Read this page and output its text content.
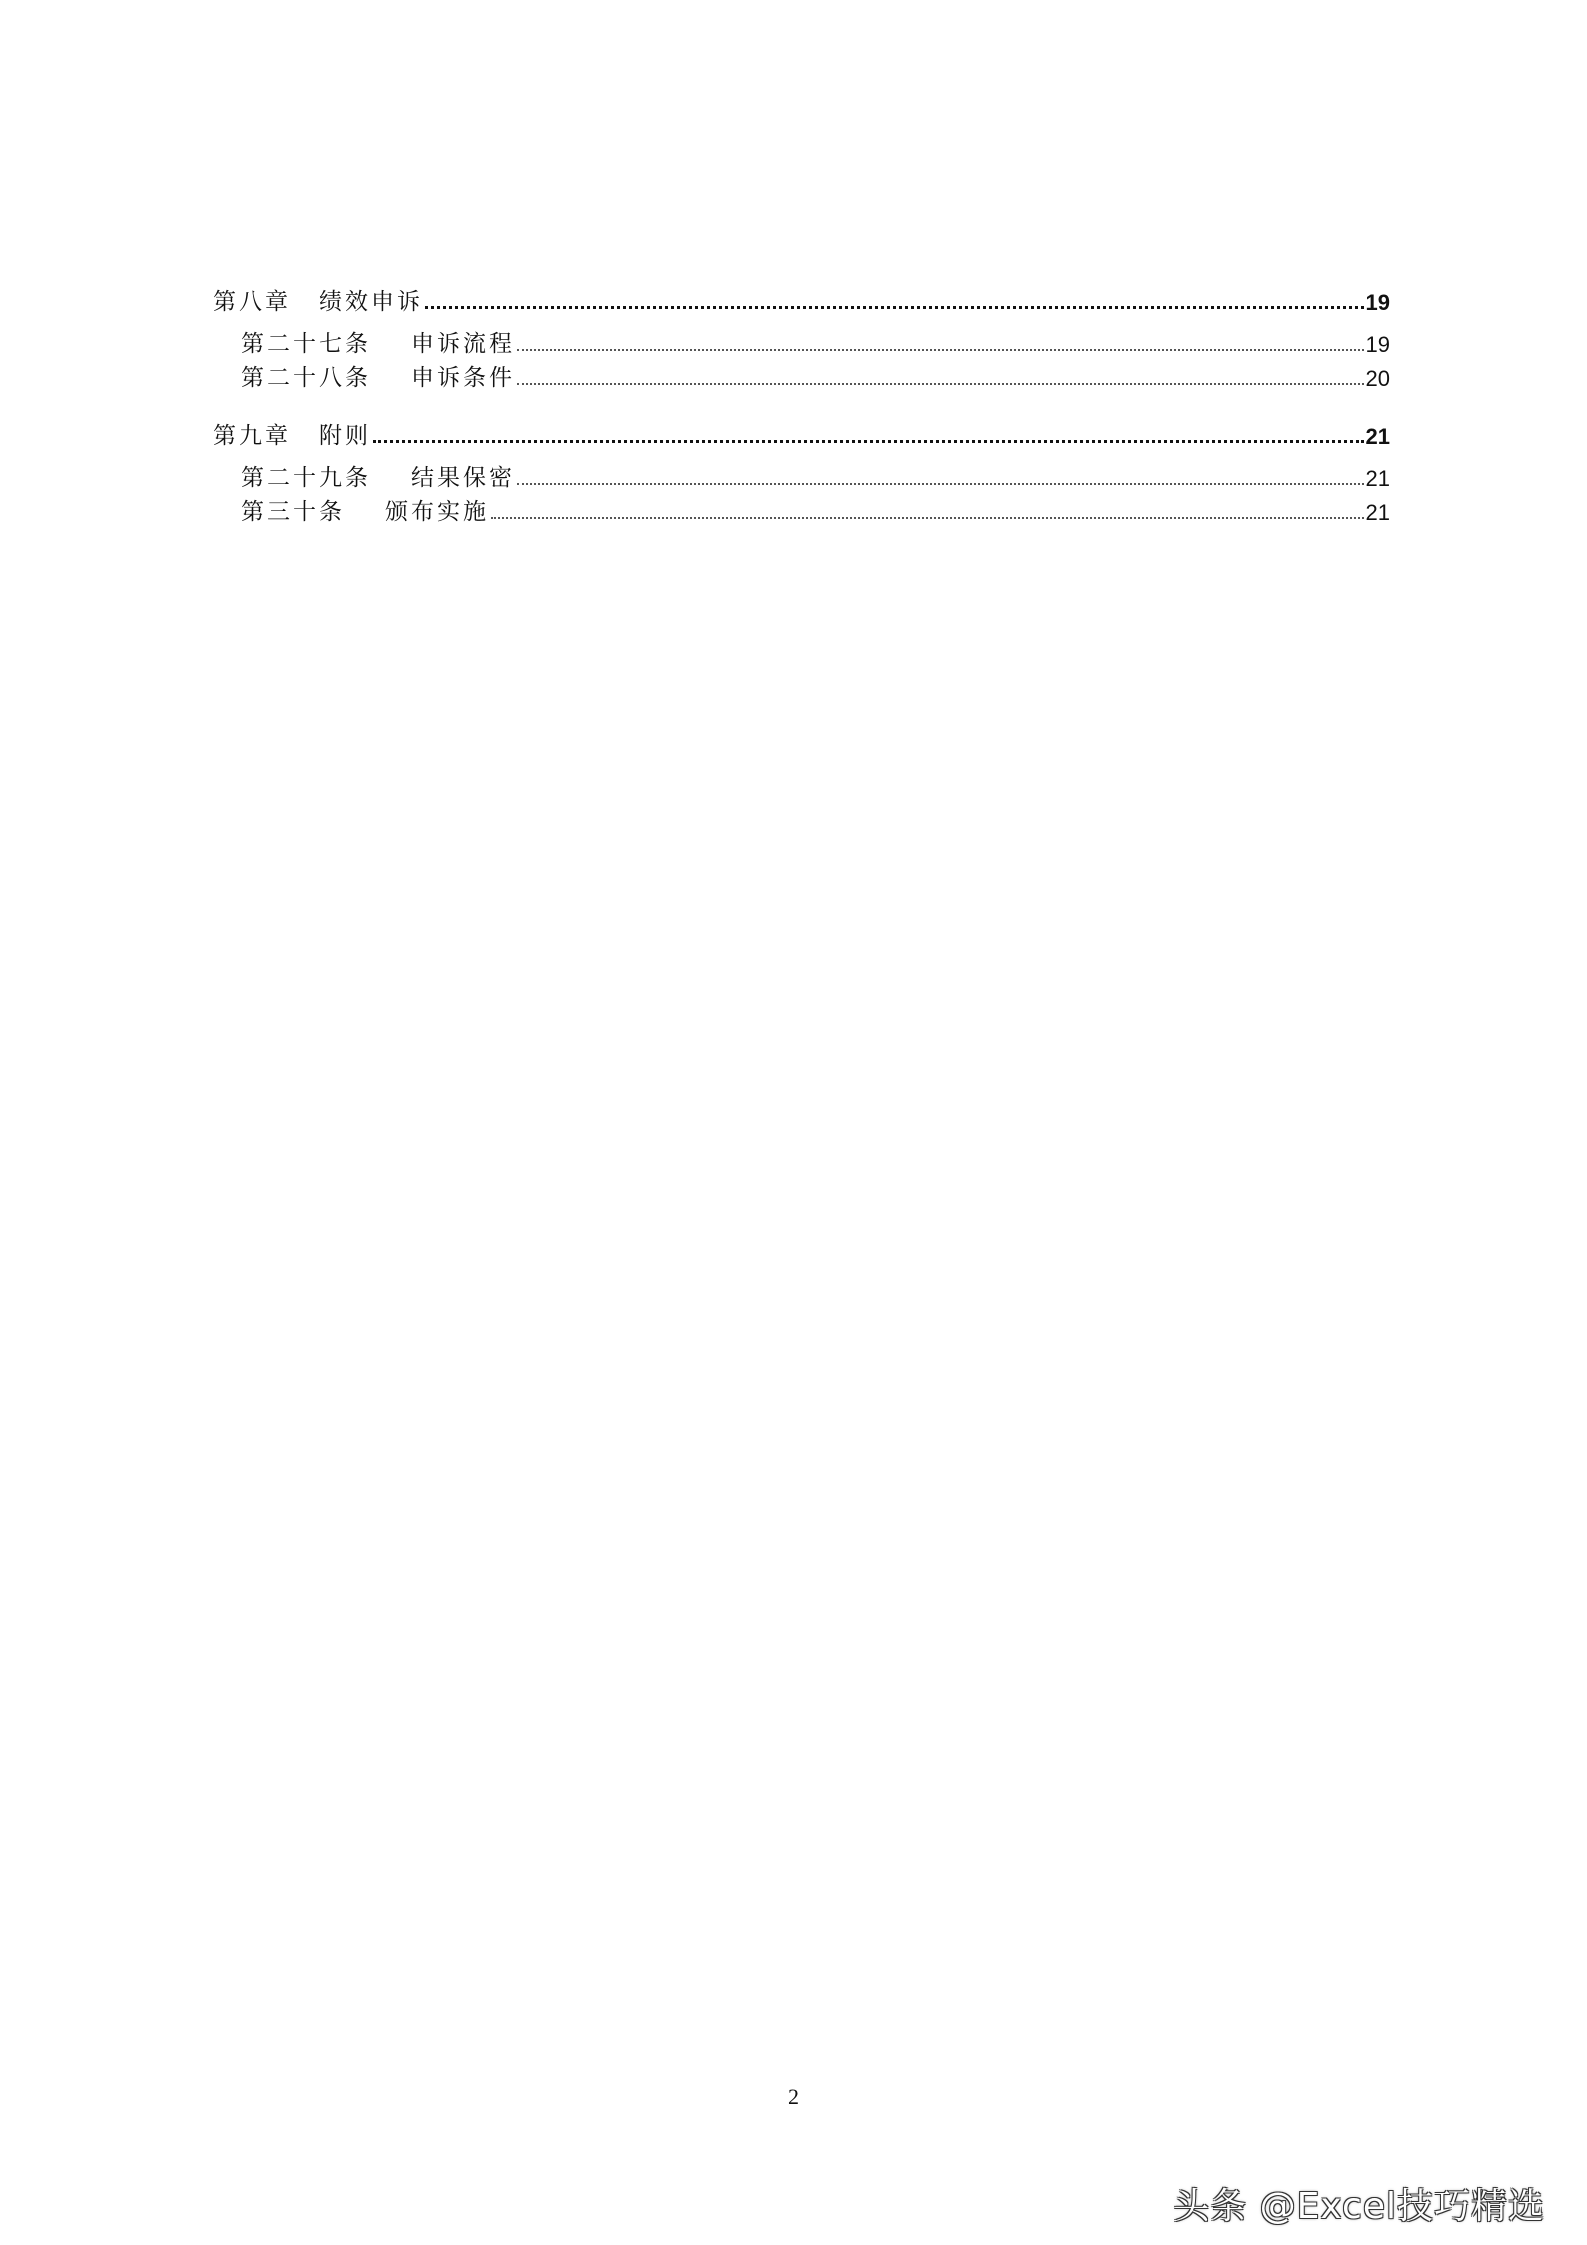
第八章 绩效申诉	19
第二十七条 申诉流程	19
第二十八条 申诉条件	20
第九章 附则	21
第二十九条 结果保密	21
第三十条 颁布实施	21
2
头条 @Excel技巧精选
